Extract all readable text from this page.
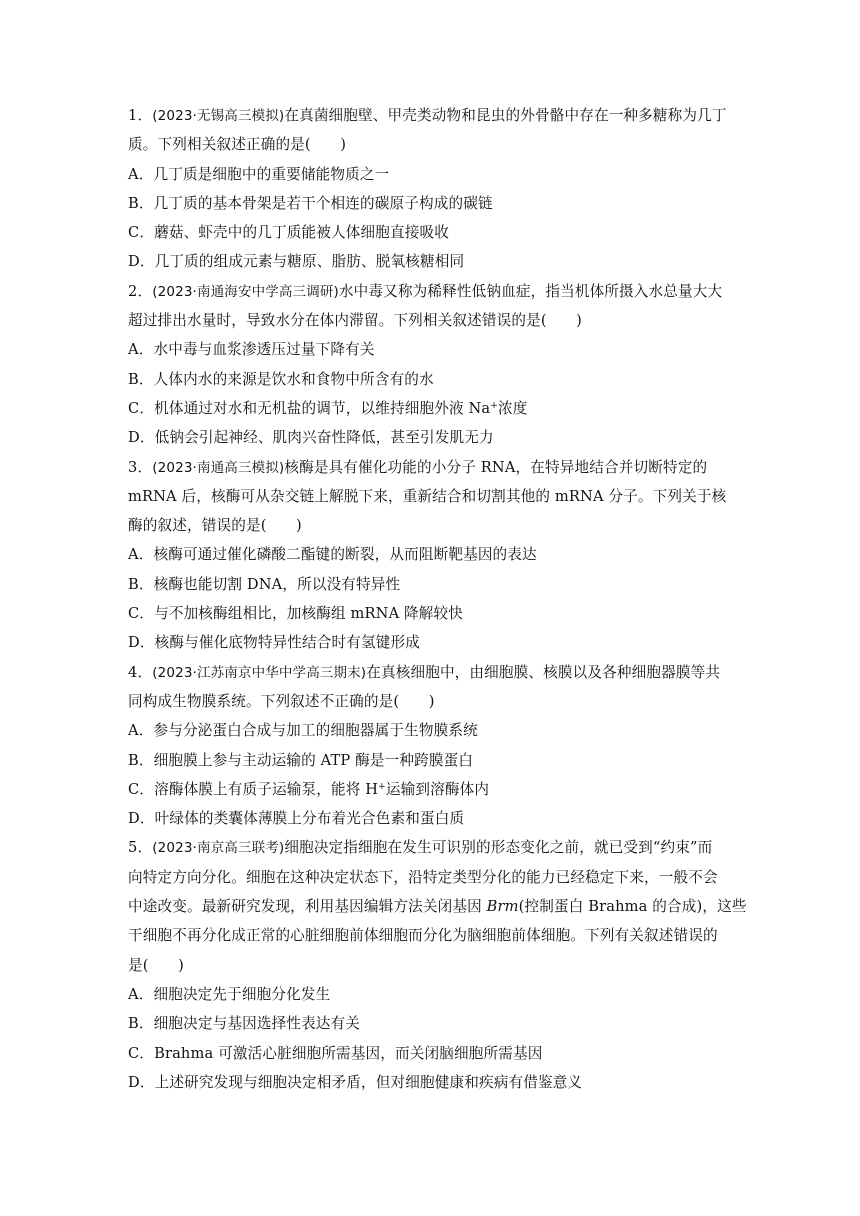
1．(2023·无锡高三模拟)在真菌细胞壁、甲壳类动物和昆虫的外骨骼中存在一种多糖称为几丁
质。下列相关叙述正确的是(　　)
A．几丁质是细胞中的重要储能物质之一
B．几丁质的基本骨架是若干个相连的碳原子构成的碳链
C．蘑菇、虾壳中的几丁质能被人体细胞直接吸收
D．几丁质的组成元素与糖原、脂肪、脱氧核糖相同
2．(2023·南通海安中学高三调研)水中毒又称为稀释性低钠血症，指当机体所摄入水总量大大
超过排出水量时，导致水分在体内滞留。下列相关叙述错误的是(　　)
A．水中毒与血浆渗透压过量下降有关
B．人体内水的来源是饮水和食物中所含有的水
C．机体通过对水和无机盐的调节，以维持细胞外液 Na+浓度
D．低钠会引起神经、肌肉兴奋性降低，甚至引发肌无力
3．(2023·南通高三模拟)核酶是具有催化功能的小分子 RNA，在特异地结合并切断特定的
mRNA 后，核酶可从杂交链上解脱下来，重新结合和切割其他的 mRNA 分子。下列关于核
酶的叙述，错误的是(　　)
A．核酶可通过催化磷酸二酯键的断裂，从而阻断靶基因的表达
B．核酶也能切割 DNA，所以没有特异性
C．与不加核酶组相比，加核酶组 mRNA 降解较快
D．核酶与催化底物特异性结合时有氢键形成
4．(2023·江苏南京中华中学高三期末)在真核细胞中，由细胞膜、核膜以及各种细胞器膜等共
同构成生物膜系统。下列叙述不正确的是(　　)
A．参与分泌蛋白合成与加工的细胞器属于生物膜系统
B．细胞膜上参与主动运输的 ATP 酶是一种跨膜蛋白
C．溶酶体膜上有质子运输泵，能将 H+运输到溶酶体内
D．叶绿体的类囊体薄膜上分布着光合色素和蛋白质
5．(2023·南京高三联考)细胞决定指细胞在发生可识别的形态变化之前，就已受到“约束”而
向特定方向分化。细胞在这种决定状态下，沿特定类型分化的能力已经稳定下来，一般不会
中途改变。最新研究发现，利用基因编辑方法关闭基因 Brm(控制蛋白 Brahma 的合成)，这些
干细胞不再分化成正常的心脏细胞前体细胞而分化为脑细胞前体细胞。下列有关叙述错误的
是(　　)
A．细胞决定先于细胞分化发生
B．细胞决定与基因选择性表达有关
C．Brahma 可激活心脏细胞所需基因，而关闭脑细胞所需基因
D．上述研究发现与细胞决定相矛盾，但对细胞健康和疾病有借鉴意义
